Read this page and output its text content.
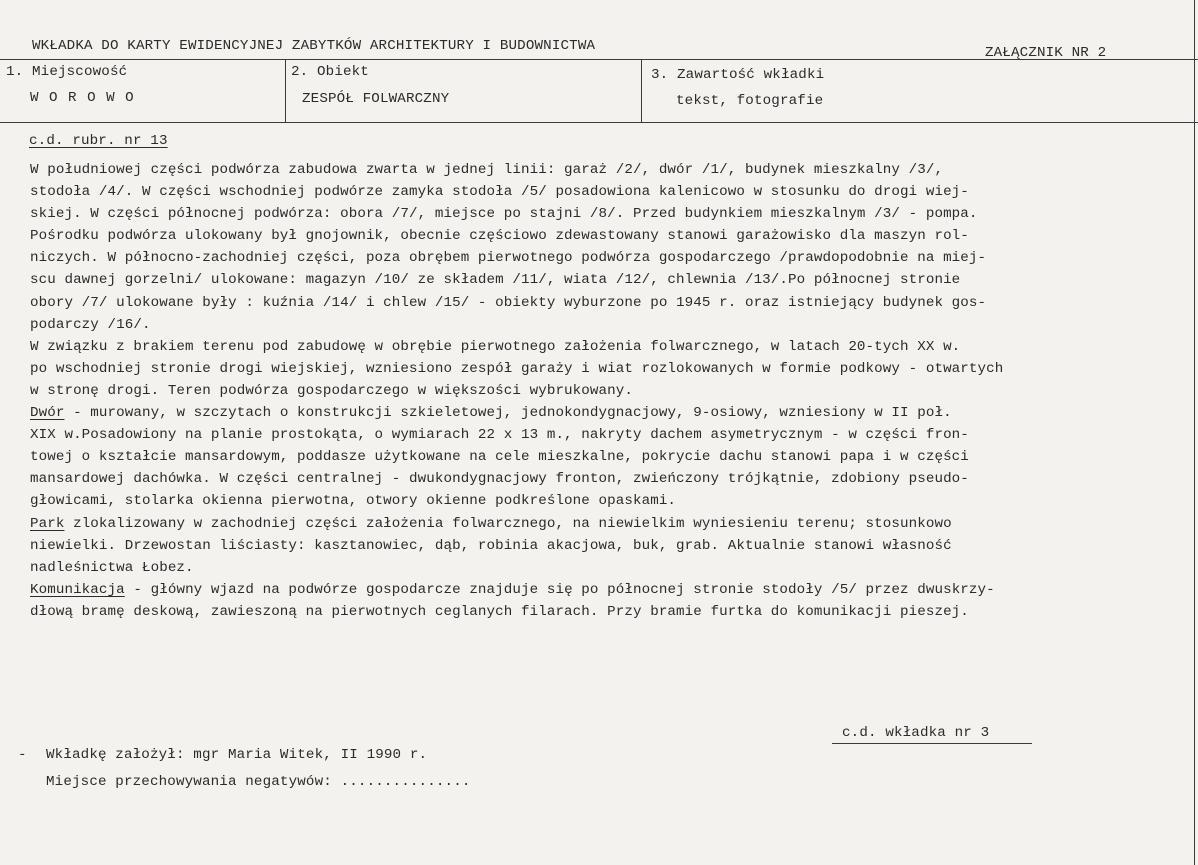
WKŁADKA DO KARTY EWIDENCYJNEJ ZABYTKÓW ARCHITEKTURY I BUDOWNICTWA	ZAŁĄCZNIK NR 2
1. Miejscowość
W O R O W O
2. Obiekt
ZESPÓŁ FOLWARCZNY
3. Zawartość wkładki
tekst, fotografie
c.d. rubr. nr 13
W południowej części podwórza zabudowa zwarta w jednej linii: garaż /2/, dwór /1/, budynek mieszkalny /3/,
stodoła /4/. W części wschodniej podwórze zamyka stodoła /5/ posadowiona kalenicowo w stosunku do drogi wiej-
skiej. W części północnej podwórza: obora /7/, miejsce po stajni /8/. Przed budynkiem mieszkalnym /3/ - pompa.
Pośrodku podwórza ulokowany był gnojownik, obecnie częściowo zdewastowany stanowi garażowisko dla maszyn rol-
niczych. W północno-zachodniej części, poza obrębem pierwotnego podwórza gospodarczego /prawdopodobnie na miej-
scu dawnej gorzelni/ ulokowane: magazyn /10/ ze składem /11/, wiata /12/, chlewnia /13/.Po północnej stronie
obory /7/ ulokowane były : kuźnia /14/ i chlew /15/ - obiekty wyburzone po 1945 r. oraz istniejący budynek gos-
podarczy /16/.
W związku z brakiem terenu pod zabudowę w obrębie pierwotnego założenia folwarcznego, w latach 20-tych XX w.
po wschodniej stronie drogi wiejskiej, wzniesiono zespół garaży i wiat rozlokowanych w formie podkowy - otwartych
w stronę drogi. Teren podwórza gospodarczego w większości wybrukowany.
Dwór - murowany, w szczytach o konstrukcji szkieletowej, jednokondygnacjowy, 9-osiowy, wzniesiony w II poł.
XIX w.Posadowiony na planie prostokąta, o wymiarach 22 x 13 m., nakryty dachem asymetrycznym - w części fron-
towej o kształcie mansardowym, poddasze użytkowane na cele mieszkalne, pokrycie dachu stanowi papa i w części
mansardowej dachówka. W części centralnej - dwukondygnacjowy fronton, zwieńczony trójkątnie, zdobiony pseudo-
głowicami, stolarka okienna pierwotna, otwory okienne podkreślone opaskami.
Park zlokalizowany w zachodniej części założenia folwarcznego, na niewielkim wyniesieniu terenu; stosunkowo
niewielki. Drzewostan liściasty: kasztanowiec, dąb, robinia akacjowa, buk, grab. Aktualnie stanowi własność
nadleśnictwa Łobez.
Komunikacja - główny wjazd na podwórze gospodarcze znajduje się po północnej stronie stodoły /5/ przez dwuskrzy-
dłową bramę deskową, zawieszoną na pierwotnych ceglanych filarach. Przy bramie furtka do komunikacji pieszej.
c.d. wkładka nr 3
- Wkładkę założył: mgr Maria Witek, II 1990 r.
Miejsce przechowywania negatywów: ...............
